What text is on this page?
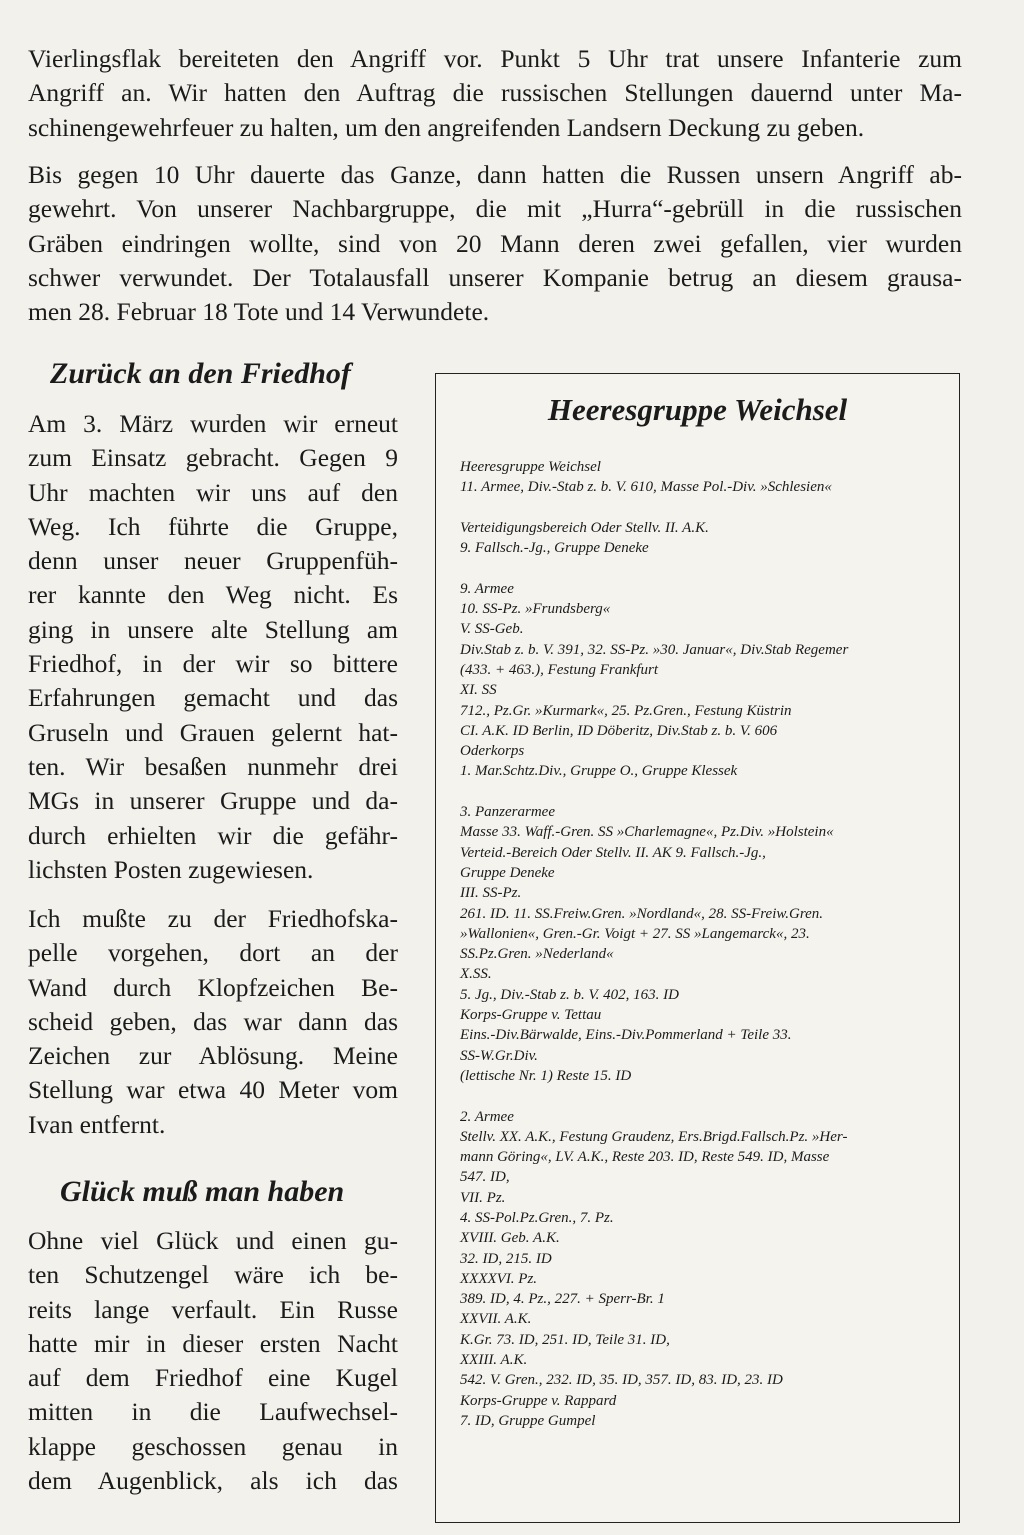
Vierlingsflak bereiteten den Angriff vor. Punkt 5 Uhr trat unsere Infanterie zum
Angriff an. Wir hatten den Auftrag die russischen Stellungen dauernd unter Ma-
schinengewehrfeuer zu halten, um den angreifenden Landsern Deckung zu geben.

Bis gegen 10 Uhr dauerte das Ganze, dann hatten die Russen unsern Angriff ab-
gewehrt. Von unserer Nachbargruppe, die mit „Hurra“-gebrüll in die russischen
Gräben eindringen wollte, sind von 20 Mann deren zwei gefallen, vier wurden
schwer verwundet. Der Totalausfall unserer Kompanie betrug an diesem grausa-
men 28. Februar 18 Tote und 14 Verwundete.

Zurück an den Friedhof

Am 3. März wurden wir erneut
zum Einsatz gebracht. Gegen 9
Uhr machten wir uns auf den
Weg. Ich führte die Gruppe,
denn unser neuer Gruppenfüh-
rer kannte den Weg nicht. Es
ging in unsere alte Stellung am
Friedhof, in der wir so bittere
Erfahrungen gemacht und das
Gruseln und Grauen gelernt hat-
ten. Wir besaßen nunmehr drei
MGs in unserer Gruppe und da-
durch erhielten wir die gefähr-
lichsten Posten zugewiesen.

Ich mußte zu der Friedhofska-
pelle vorgehen, dort an der
Wand durch Klopfzeichen Be-
scheid geben, das war dann das
Zeichen zur Ablösung. Meine
Stellung war etwa 40 Meter vom
Ivan entfernt.

Glück muß man haben

Ohne viel Glück und einen gu-
ten Schutzengel wäre ich be-
reits lange verfault. Ein Russe
hatte mir in dieser ersten Nacht
auf dem Friedhof eine Kugel
mitten in die Laufwechsel-
klappe geschossen genau in
dem Augenblick, als ich das

Heeresgruppe Weichsel
Heeresgruppe Weichsel
11. Armee, Div.-Stab z. b. V. 610, Masse Pol.-Div. »Schlesien«
Verteidigungsbereich Oder Stellv. II. A.K.
9. Fallsch.-Jg., Gruppe Deneke
9. Armee
10. SS-Pz. »Frundsberg«
V. SS-Geb.
Div.Stab z. b. V. 391, 32. SS-Pz. »30. Januar«, Div.Stab Regemer
(433. + 463.), Festung Frankfurt
XI. SS
712., Pz.Gr. »Kurmark«, 25. Pz.Gren., Festung Küstrin
CI. A.K. ID Berlin, ID Döberitz, Div.Stab z. b. V. 606
Oderkorps
1. Mar.Schtz.Div., Gruppe O., Gruppe Klessek
3. Panzerarmee
Masse 33. Waff.-Gren. SS »Charlemagne«, Pz.Div. »Holstein«
Verteid.-Bereich Oder Stellv. II. AK 9. Fallsch.-Jg.,
Gruppe Deneke
III. SS-Pz.
261. ID. 11. SS.Freiw.Gren. »Nordland«, 28. SS-Freiw.Gren.
»Wallonien«, Gren.-Gr. Voigt + 27. SS »Langemarck«, 23.
SS.Pz.Gren. »Nederland«
X.SS.
5. Jg., Div.-Stab z. b. V. 402, 163. ID
Korps-Gruppe v. Tettau
Eins.-Div.Bärwalde, Eins.-Div.Pommerland + Teile 33.
SS-W.Gr.Div.
(lettische Nr. 1) Reste 15. ID
2. Armee
Stellv. XX. A.K., Festung Graudenz, Ers.Brigd.Fallsch.Pz. »Her-
mann Göring«, LV. A.K., Reste 203. ID, Reste 549. ID, Masse
547. ID,
VII. Pz.
4. SS-Pol.Pz.Gren., 7. Pz.
XVIII. Geb. A.K.
32. ID, 215. ID
XXXXVI. Pz.
389. ID, 4. Pz., 227. + Sperr-Br. 1
XXVII. A.K.
K.Gr. 73. ID, 251. ID, Teile 31. ID,
XXIII. A.K.
542. V. Gren., 232. ID, 35. ID, 357. ID, 83. ID, 23. ID
Korps-Gruppe v. Rappard
7. ID, Gruppe Gumpel
